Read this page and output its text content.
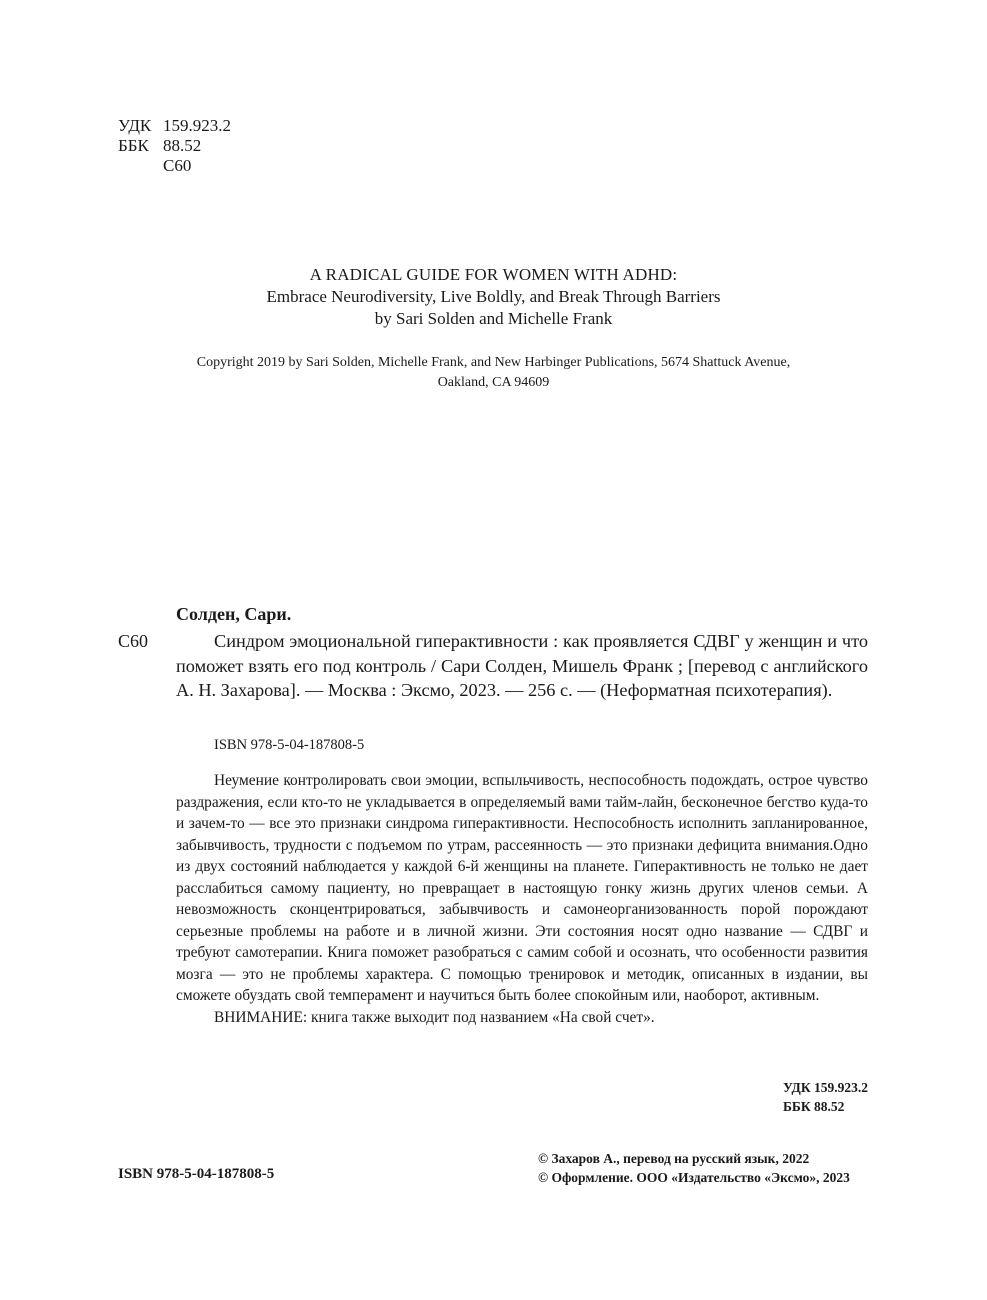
УДК 159.923.2
ББК 88.52
С60
A RADICAL GUIDE FOR WOMEN WITH ADHD:
Embrace Neurodiversity, Live Boldly, and Break Through Barriers
by Sari Solden and Michelle Frank
Copyright 2019 by Sari Solden, Michelle Frank, and New Harbinger Publications, 5674 Shattuck Avenue,
Oakland, CA 94609
Солден, Сари.
С60	Синдром эмоциональной гиперактивности : как проявляется СДВГ у женщин и что поможет взять его под контроль / Сари Солден, Мишель Франк ; [перевод с английского А. Н. Захарова]. — Москва : Эксмо, 2023. — 256 с. — (Неформатная психотерапия).
ISBN 978-5-04-187808-5

Неумение контролировать свои эмоции, вспыльчивость, неспособность подождать, острое чувство раздражения, если кто-то не укладывается в определяемый вами тайм-лайн, бесконечное бегство куда-то и зачем-то — все это признаки синдрома гиперактивности. Неспособность исполнить запланированное, забывчивость, трудности с подъемом по утрам, рассеянность — это признаки дефицита внимания.Одно из двух состояний наблюдается у каждой 6-й женщины на планете. Гиперактивность не только не дает расслабиться самому пациенту, но превращает в настоящую гонку жизнь других членов семьи. А невозможность сконцентрироваться, забывчивость и самонеорганизованность порой порождают серьезные проблемы на работе и в личной жизни. Эти состояния носят одно название — СДВГ и требуют самотерапии. Книга поможет разобраться с самим собой и осознать, что особенности развития мозга — это не проблемы характера. С помощью тренировок и методик, описанных в издании, вы сможете обуздать свой темперамент и научиться быть более спокойным или, наоборот, активным.

ВНИМАНИЕ: книга также выходит под названием «На свой счет».

УДК 159.923.2
ББК 88.52
ISBN 978-5-04-187808-5
© Захаров А., перевод на русский язык, 2022
© Оформление. ООО «Издательство «Эксмо», 2023
